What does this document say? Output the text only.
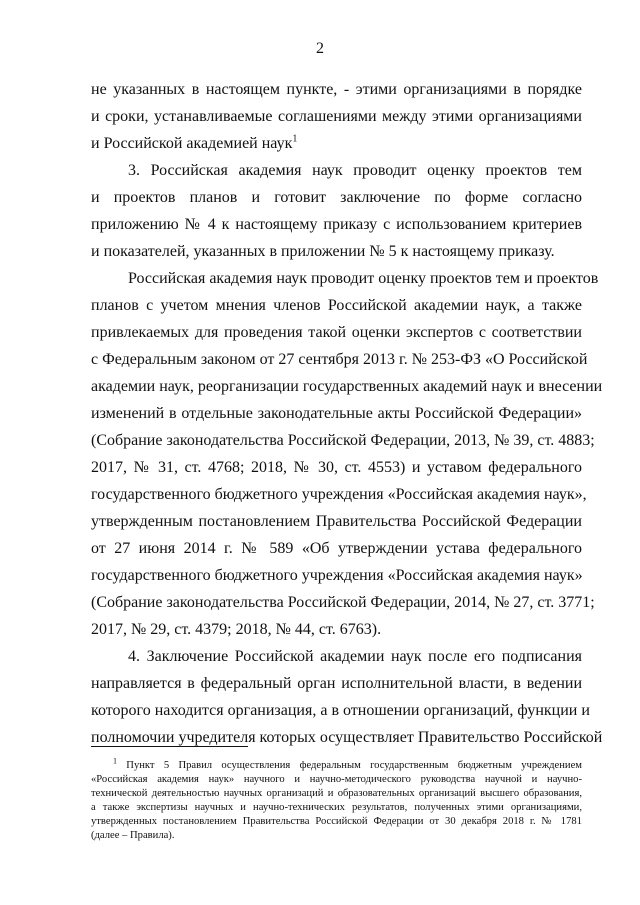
2
не указанных в настоящем пункте, - этими организациями в порядке
и сроки, устанавливаемые соглашениями между этими организациями
и Российской академией наук$^1$
3. Российская академия наук проводит оценку проектов тем
и проектов планов и готовит заключение по форме согласно
приложению № 4 к настоящему приказу с использованием критериев
и показателей, указанных в приложении № 5 к настоящему приказу.
Российская академия наук проводит оценку проектов тем и проектов
планов с учетом мнения членов Российской академии наук, а также
привлекаемых для проведения такой оценки экспертов с соответствии
с Федеральным законом от 27 сентября 2013 г. № 253-ФЗ «О Российской
академии наук, реорганизации государственных академий наук и внесении
изменений в отдельные законодательные акты Российской Федерации»
(Собрание законодательства Российской Федерации, 2013, № 39, ст. 4883;
2017, № 31, ст. 4768; 2018, № 30, ст. 4553) и уставом федерального
государственного бюджетного учреждения «Российская академия наук»,
утвержденным постановлением Правительства Российской Федерации
от 27 июня 2014 г. № 589 «Об утверждении устава федерального
государственного бюджетного учреждения «Российская академия наук»
(Собрание законодательства Российской Федерации, 2014, № 27, ст. 3771;
2017, № 29, ст. 4379; 2018, № 44, ст. 6763).
4. Заключение Российской академии наук после его подписания
направляется в федеральный орган исполнительной власти, в ведении
которого находится организация, а в отношении организаций, функции и
полномочии учредителя которых осуществляет Правительство Российской
$^1$ Пункт 5 Правил осуществления федеральным государственным бюджетным учреждением
«Российская академия наук» научного и научно-методического руководства научной и научно-
технической деятельностью научных организаций и образовательных организаций высшего образования,
а также экспертизы научных и научно-технических результатов, полученных этими организациями,
утвержденных постановлением Правительства Российской Федерации от 30 декабря 2018 г. № 1781
(далее – Правила).
